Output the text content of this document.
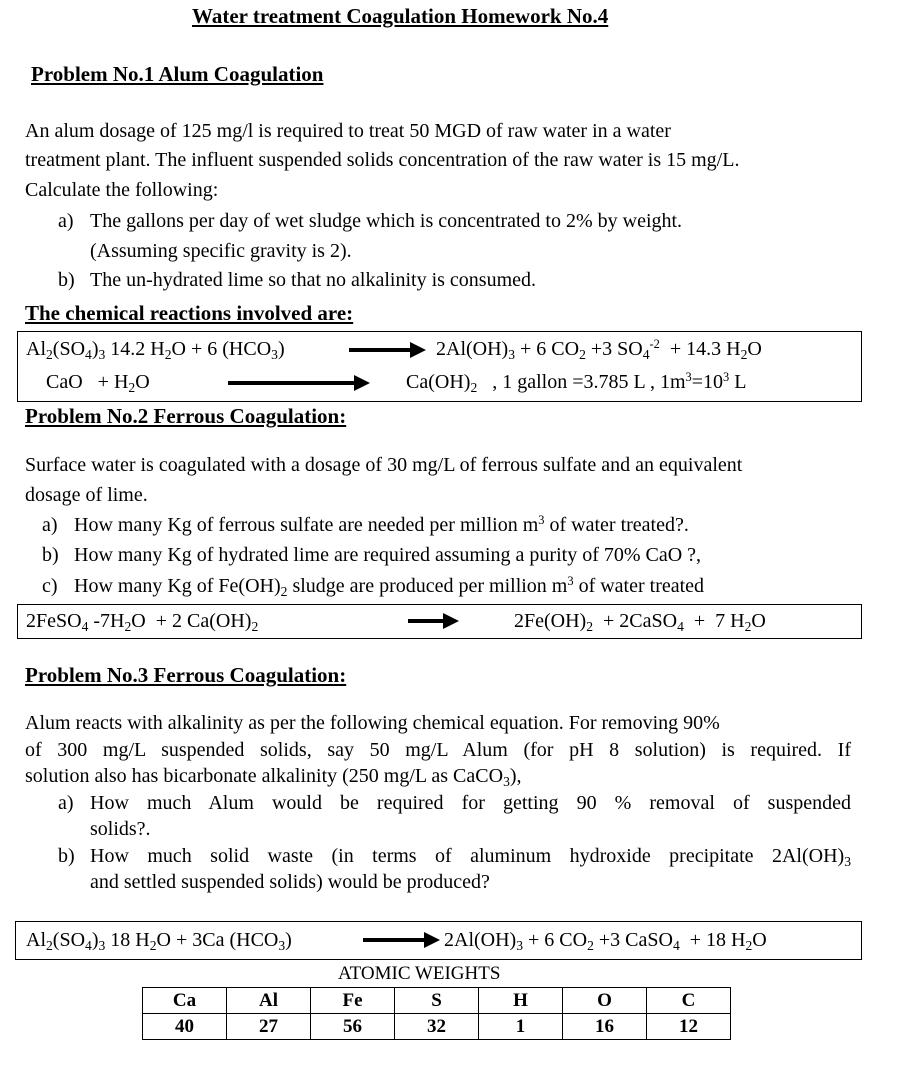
Water treatment Coagulation Homework No.4
Problem No.1 Alum Coagulation
An alum dosage of 125 mg/l is required to treat 50 MGD of raw water in a water
treatment plant. The influent suspended solids concentration of the raw water is 15 mg/L.
Calculate the following:
a) The gallons per day of wet sludge which is concentrated to 2% by weight.
(Assuming specific gravity is 2).
b) The un-hydrated lime so that no alkalinity is consumed.
The chemical reactions involved are:
$Al_2(SO_4)_3$ 14.2 $H_2O + 6$ $(HCO_3)$	$2Al(OH)_3 + 6$ $CO_2 +3$ $SO_4^{-2} + 14.3$ $H_2O$
CaO   + $H_2O$	$Ca(OH)_2$ , 1 gallon =3.785 L , $1m^3=10^3$ L
Problem No.2 Ferrous Coagulation:
Surface water is coagulated with a dosage of 30 mg/L of ferrous sulfate and an equivalent
dosage of lime.
a) How many Kg of ferrous sulfate are needed per million $m^3$ of water treated?.
b) How many Kg of hydrated lime are required assuming a purity of 70% CaO ?,
c) How many Kg of $Fe(OH)_2$ sludge are produced per million $m^3$ of water treated
2FeSO$_4$ $-7H_2O + 2$ $Ca(OH)_2$	$2Fe(OH)_2$  + 2CaSO$_4$  +  7 $H_2O$
Problem No.3 Ferrous Coagulation:
Alum reacts with alkalinity as per the following chemical equation. For removing 90%
of 300 mg/L suspended solids, say 50 mg/L Alum (for pH 8 solution) is required. If
solution also has bicarbonate alkalinity (250 mg/L as CaCO$_3$),
a) How much Alum would be required for getting 90 % removal of suspended
solids?.
b) How much solid waste (in terms of aluminum hydroxide precipitate $2Al(OH)_3$
and settled suspended solids) would be produced?
$Al_2(SO_4)_3$ 18 $H_2O + 3Ca$ $(HCO_3)$	$2Al(OH)_3 + 6$ $CO_2 +3$ CaSO$_4$  + 18 $H_2O$
ATOMIC WEIGHTS
Ca	Al	Fe	S	H	O	C
40	27	56	32	1	16	12
